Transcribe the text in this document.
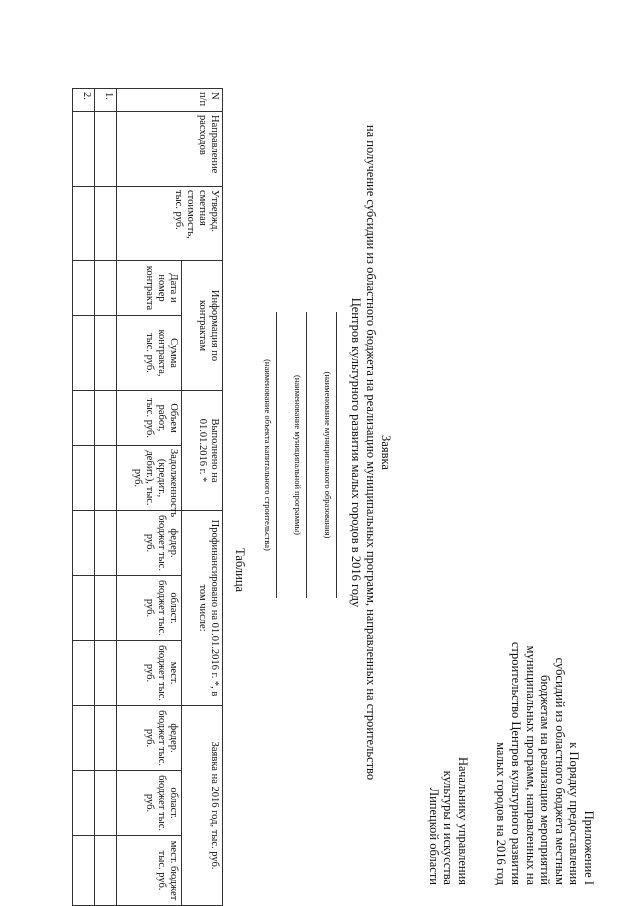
Приложение I
к Порядку предоставления
субсидий из областного бюджета местным
бюджетам на реализацию мероприятий
муниципальных программ, направленных на
строительство Центров культурного развития
малых городов на 2016 год
Начальнику управления
культуры и искусства
Липецкой области
Заявка
на получение субсидии из областного бюджета на реализацию муниципальных программ, направленных на строительство
Центров культурного развития малых городов в 2016 году
(наименование муниципального образования)
(наименование муниципальной программы)
(наименование объекта капитального строительства)
Таблица
N п/п	Направление расходов	Утвержд. сметная стоимость, тыс. руб.	Информация по контрактам		Выполнено на 01.01.2016 г. *		Профинансировано на 01.01.2016 г. *, в том числе:			Заявка на 2016 год, тыс. руб.		
			Дата и номер контракта	Сумма контракта, тыс. руб.	Объем работ, тыс. руб.	Задолженность (кредит., дебит.), тыс. руб.	федер. бюджет тыс. руб.	област. бюджет тыс. руб.	мест. бюджет тыс. руб.	федер. бюджет тыс. руб.	област. бюджет тыс. руб.	мест. бюджет тыс. руб.
1.												
2.												
